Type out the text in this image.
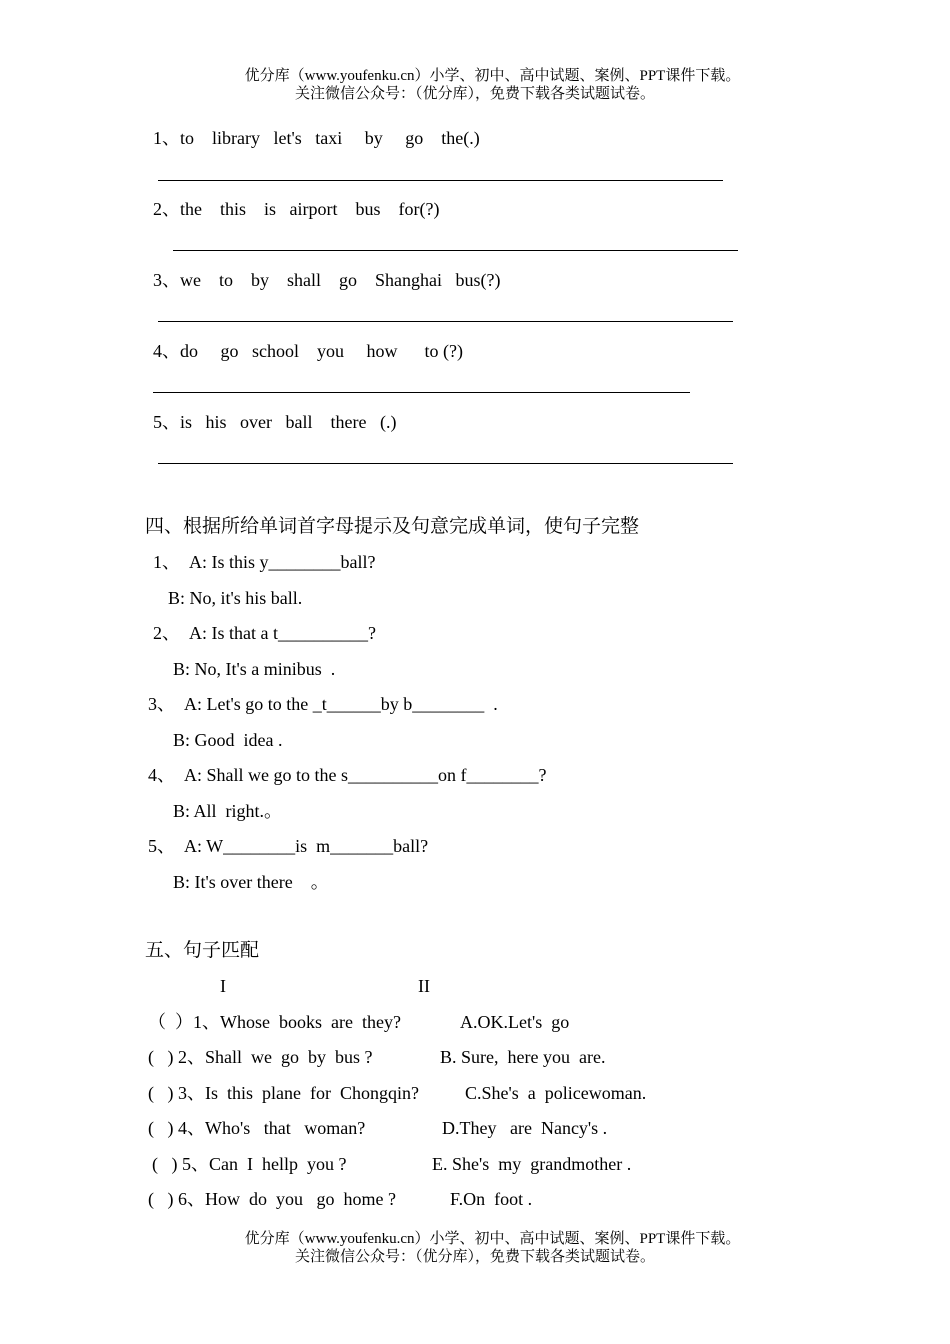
优分库（www.youfenku.cn）小学、初中、高中试题、案例、PPT课件下载。
关注微信公众号：（优分库），免费下载各类试题试卷。
1、to    library   let's   taxi     by     go    the(.)
2、the    this    is   airport    bus    for(?)
3、we    to    by    shall    go    Shanghai   bus(?)
4、do     go   school    you     how      to (?)
5、is   his   over   ball    there   (.)
四、根据所给单词首字母提示及句意完成单词，使句子完整
1、  A: Is this y________ball?
B: No, it's his ball.
2、  A: Is that a t__________?
B: No, It's a minibus  .
3、  A: Let's go to the _t______by b________  .
B: Good  idea .
4、  A: Shall we go to the s__________on f________?
B: All  right.。
5、  A: W________is  m_______ball?
B: It's over there    。
五、句子匹配
I	II
（  ）1、Whose  books  are  they?	A.OK.Let's  go
(   ) 2、Shall  we  go  by  bus ?	B. Sure,  here you  are.
(   ) 3、Is  this  plane  for  Chongqin?	C.She's  a  policewoman.
(   ) 4、Who's   that   woman?	D.They   are  Nancy's .
(   ) 5、Can  I  hellp  you ?	E. She's  my  grandmother .
(   ) 6、How  do  you   go  home ?	F.On  foot .
优分库（www.youfenku.cn）小学、初中、高中试题、案例、PPT课件下载。
关注微信公众号：（优分库），免费下载各类试题试卷。
